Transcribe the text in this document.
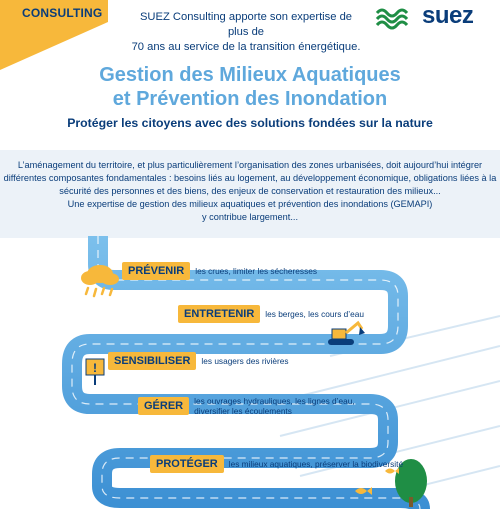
CONSULTING	SUEZ Consulting apporte son expertise de plus de
70 ans au service de la transition énergétique.
suez
Gestion des Milieux Aquatiques
et Prévention des Inondation
Protéger les citoyens avec des solutions fondées sur la nature
L’aménagement du territoire, et plus particulièrement l’organisation des zones urbanisées, doit aujourd’hui intégrer
différentes composantes fondamentales : besoins liés au logement, au développement économique, obligations liées à la
sécurité des personnes et des biens, des enjeux de conservation et restauration des milieux...
Une expertise de gestion des milieux aquatiques et prévention des inondations (GEMAPI)
y contribue largement...
!
PRÉVENIR	les crues, limiter les sécheresses
ENTRETENIR	les berges, les cours d’eau
SENSIBILISER	les usagers des rivières
GÉRER	les ouvrages hydrauliques, les lignes d’eau,
diversifier les écoulements
PROTÉGER	les milieux aquatiques, préserver la biodiversité
